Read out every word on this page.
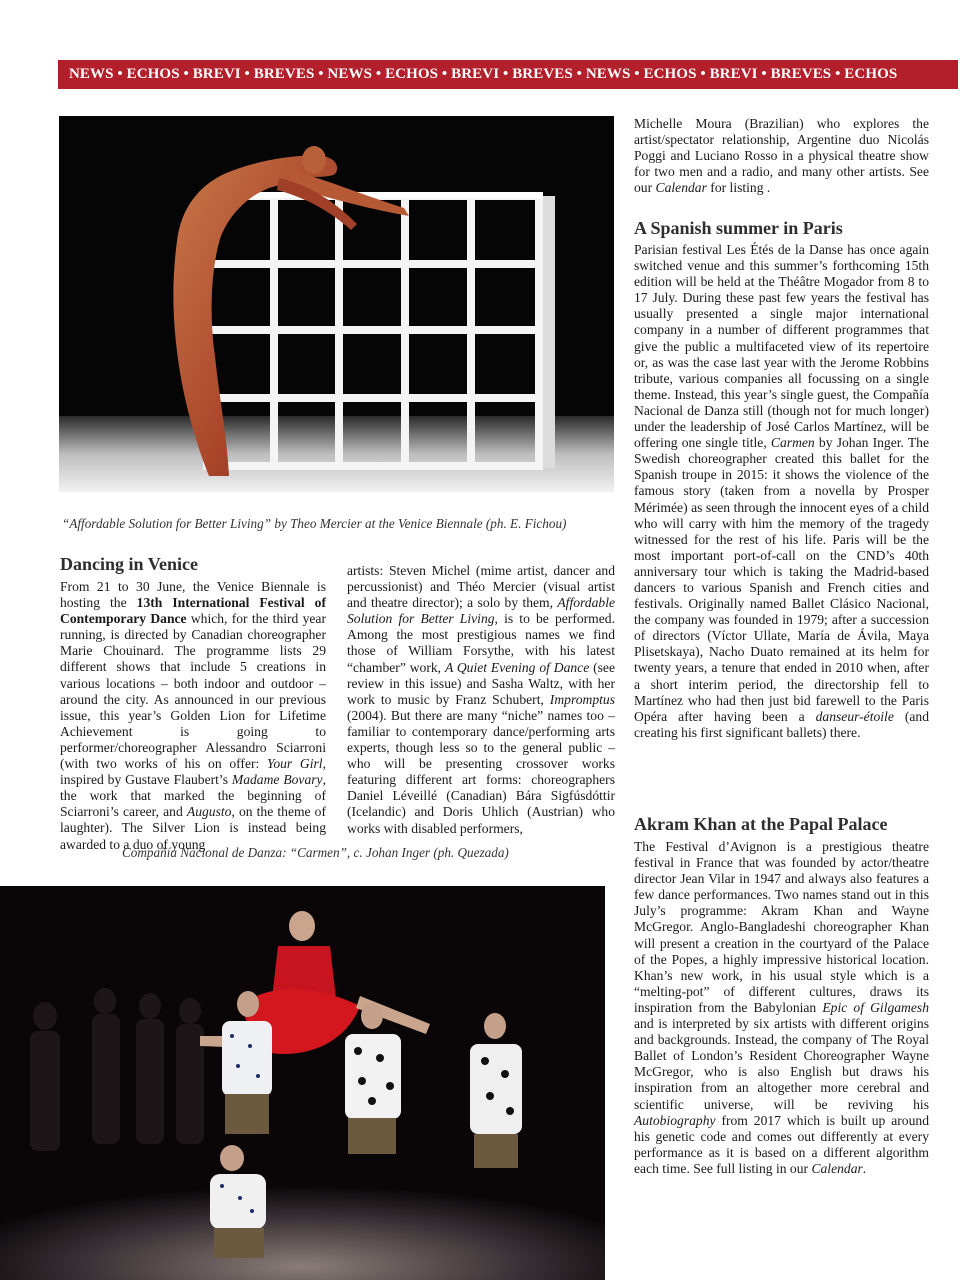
NEWS • ECHOS • BREVI • BREVES • NEWS • ECHOS • BREVI • BREVES • NEWS • ECHOS • BREVI • BREVES • ECHOS
“Affordable Solution for Better Living” by Theo Mercier at the Venice Biennale (ph. E. Fichou)
Dancing in Venice

From 21 to 30 June, the Venice Biennale is hosting the 13th International Festival of Contemporary Dance which, for the third year running, is directed by Canadian choreographer Marie Chouinard. The programme lists 29 different shows that include 5 creations in various locations – both indoor and outdoor – around the city. As announced in our previous issue, this year’s Golden Lion for Lifetime Achievement is going to performer/choreographer Alessandro Sciarroni (with two works of his on offer: Your Girl, inspired by Gustave Flaubert’s Madame Bovary, the work that marked the beginning of Sciarroni’s career, and Augusto, on the theme of laughter). The Silver Lion is instead being awarded to a duo of young

artists: Steven Michel (mime artist, dancer and percussionist) and Théo Mercier (visual artist and theatre director); a solo by them, Affordable Solution for Better Living, is to be performed. Among the most prestigious names we find those of William Forsythe, with his latest “chamber” work, A Quiet Evening of Dance (see review in this issue) and Sasha Waltz, with her work to music by Franz Schubert, Impromptus (2004). But there are many “niche” names too – familiar to contemporary dance/performing arts experts, though less so to the general public – who will be presenting crossover works featuring different art forms: choreographers Daniel Léveillé (Canadian) Bára Sigfúsdóttir (Icelandic) and Doris Uhlich (Austrian) who works with disabled performers,

Compañía Nacional de Danza: “Carmen”, c. Johan Inger (ph. Quezada)

Michelle Moura (Brazilian) who explores the artist/spectator relationship, Argentine duo Nicolás Poggi and Luciano Rosso in a physical theatre show for two men and a radio, and many other artists. See our Calendar for listing .

A Spanish summer in Paris

Parisian festival Les Étés de la Danse has once again switched venue and this summer’s forthcoming 15th edition will be held at the Théâtre Mogador from 8 to 17 July. During these past few years the festival has usually presented a single major international company in a number of different programmes that give the public a multifaceted view of its repertoire or, as was the case last year with the Jerome Robbins tribute, various companies all focussing on a single theme. Instead, this year’s single guest, the Compañía Nacional de Danza still (though not for much longer) under the leadership of José Carlos Martínez, will be offering one single title, Carmen by Johan Inger. The Swedish choreographer created this ballet for the Spanish troupe in 2015: it shows the violence of the famous story (taken from a novella by Prosper Mérimée) as seen through the innocent eyes of a child who will carry with him the memory of the tragedy witnessed for the rest of his life. Paris will be the most important port-of-call on the CND’s 40th anniversary tour which is taking the Madrid-based dancers to various Spanish and French cities and festivals. Originally named Ballet Clásico Nacional, the company was founded in 1979; after a succession of directors (Víctor Ullate, María de Ávila, Maya Plisetskaya), Nacho Duato remained at its helm for twenty years, a tenure that ended in 2010 when, after a short interim period, the directorship fell to Martínez who had then just bid farewell to the Paris Opéra after having been a danseur-étoile (and creating his first significant ballets) there.

Akram Khan at the Papal Palace

The Festival d’Avignon is a prestigious theatre festival in France that was founded by actor/theatre director Jean Vilar in 1947 and always also features a few dance performances. Two names stand out in this July’s programme: Akram Khan and Wayne McGregor. Anglo-Bangladeshi choreographer Khan will present a creation in the courtyard of the Palace of the Popes, a highly impressive historical location. Khan’s new work, in his usual style which is a “melting-pot” of different cultures, draws its inspiration from the Babylonian Epic of Gilgamesh and is interpreted by six artists with different origins and backgrounds. Instead, the company of The Royal Ballet of London’s Resident Choreographer Wayne McGregor, who is also English but draws his inspiration from an altogether more cerebral and scientific universe, will be reviving his Autobiography from 2017 which is built up around his genetic code and comes out differently at every performance as it is based on a different algorithm each time. See full listing in our Calendar.
